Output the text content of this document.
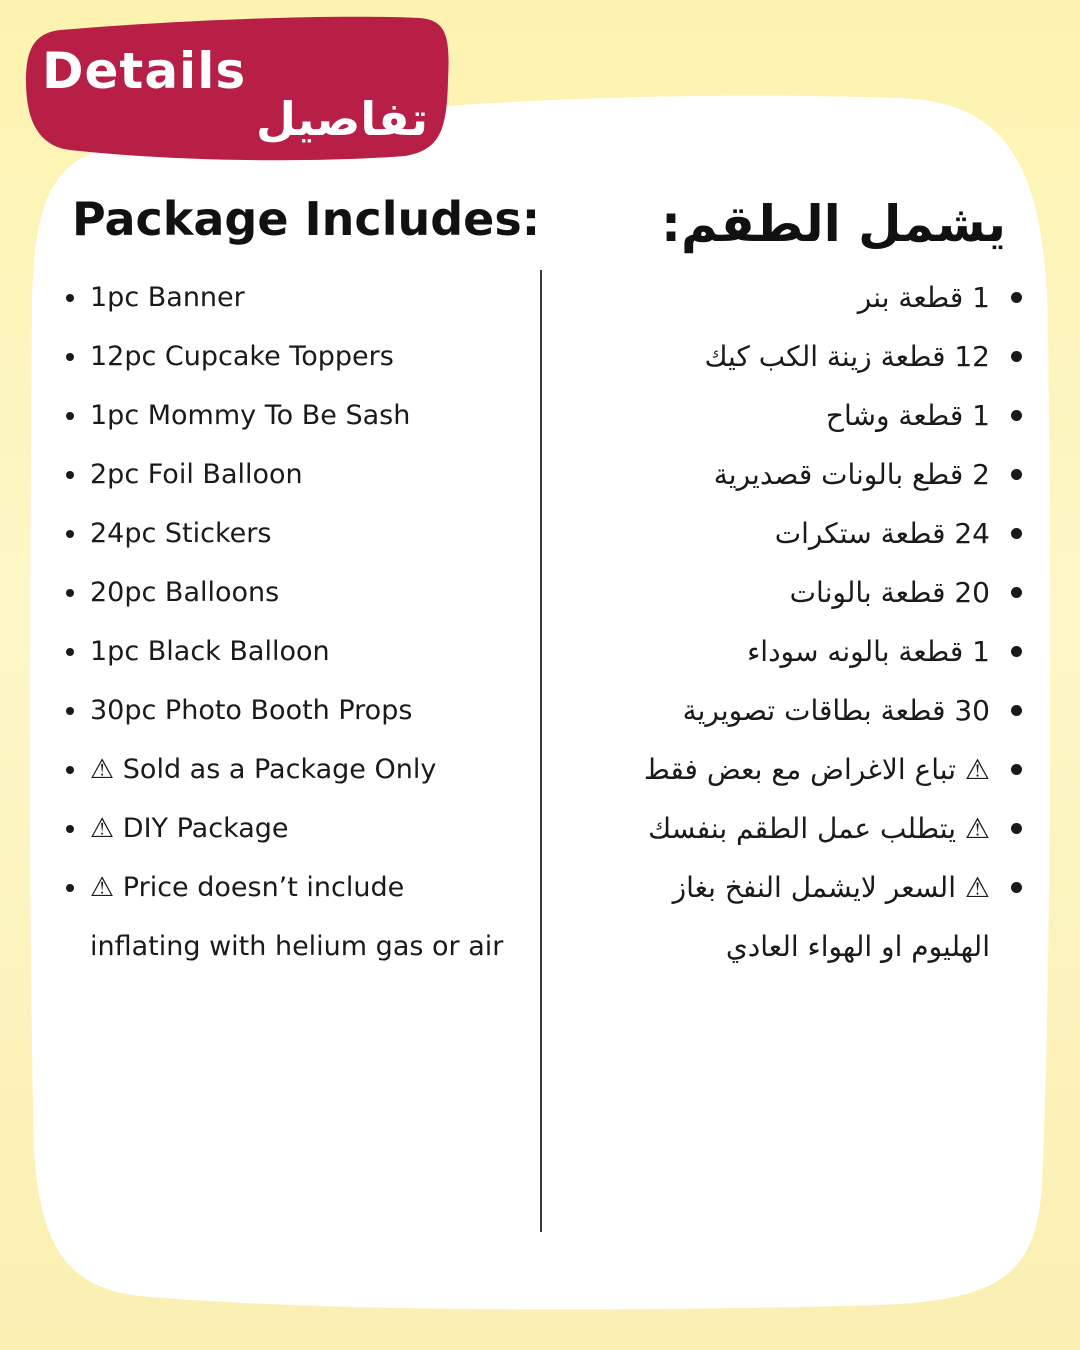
Details
تفاصيل
Package Includes: يشمل الطقم:
1pc Banner
12pc Cupcake Toppers
1pc Mommy To Be Sash
2pc Foil Balloon
24pc Stickers
20pc Balloons
1pc Black Balloon
30pc Photo Booth Props
⚠ Sold as a Package Only
⚠ DIY Package
⚠ Price doesn’t include
inflating with helium gas or air
1 قطعة بنر
12 قطعة زينة الكب كيك
1 قطعة وشاح
2 قطع بالونات قصديرية
24 قطعة ستكرات
20 قطعة بالونات
1 قطعة بالونه سوداء
30 قطعة بطاقات تصويرية
⚠ تباع الاغراض مع بعض فقط
⚠ يتطلب عمل الطقم بنفسك
⚠ السعر لايشمل النفخ بغاز
الهليوم او الهواء العادي
